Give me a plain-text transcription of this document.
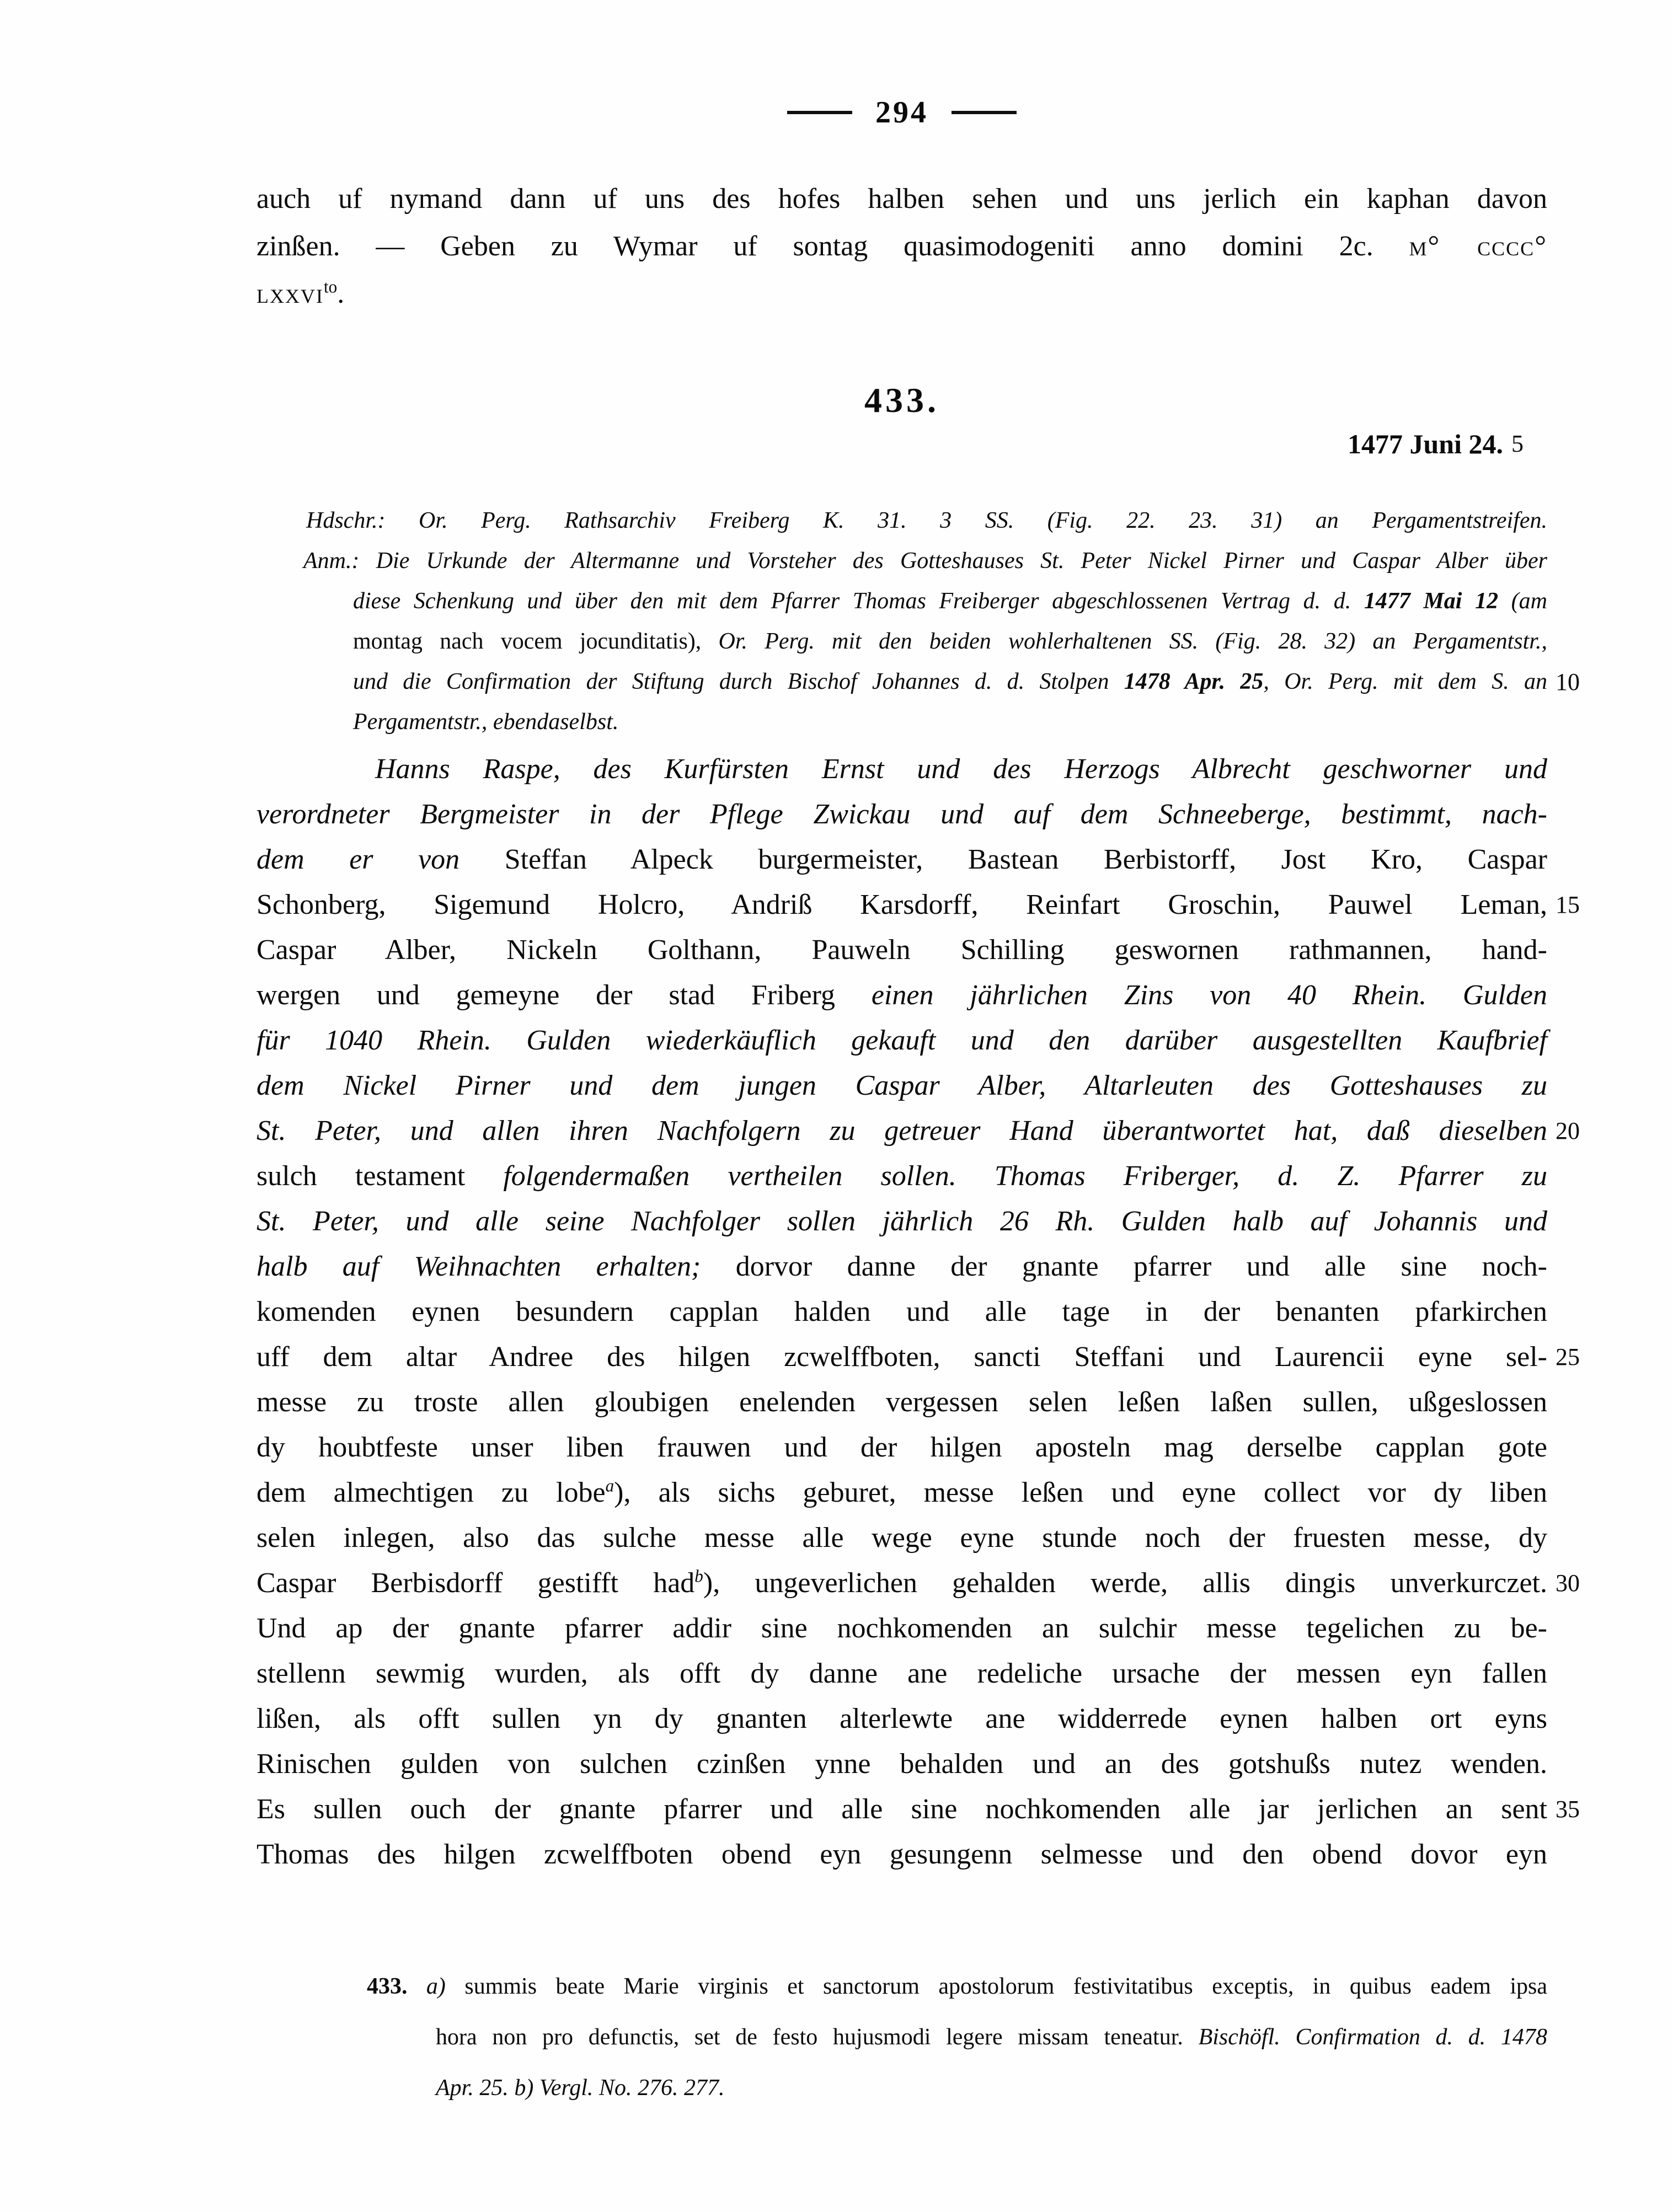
294
auch uf nymand dann uf uns des hofes halben sehen und uns jerlich ein kaphan davon
zinßen. — Geben zu Wymar uf sontag quasimodogeniti anno domini 2c. m° cccc°
lxxvi$^{to}$.
433.
1477 Juni 24. 5
Hdschr.: Or. Perg. Rathsarchiv Freiberg K. 31. 3 SS. (Fig. 22. 23. 31) an Pergamentstreifen.
Anm.: Die Urkunde der Altermanne und Vorsteher des Gotteshauses St. Peter Nickel Pirner und Caspar Alber über
diese Schenkung und über den mit dem Pfarrer Thomas Freiberger abgeschlossenen Vertrag d. d. 1477 Mai 12 (am
montag nach vocem jocunditatis), Or. Perg. mit den beiden wohlerhaltenen SS. (Fig. 28. 32) an Pergamentstr.,
und die Confirmation der Stiftung durch Bischof Johannes d. d. Stolpen 1478 Apr. 25, Or. Perg. mit dem S. an 10
Pergamentstr., ebendaselbst.
Hanns Raspe, des Kurfürsten Ernst und des Herzogs Albrecht geschworner und
verordneter Bergmeister in der Pflege Zwickau und auf dem Schneeberge, bestimmt, nach-
dem er von Steffan Alpeck burgermeister, Bastean Berbistorff, Jost Kro, Caspar
Schonberg, Sigemund Holcro, Andriß Karsdorff, Reinfart Groschin, Pauwel Leman, 15
Caspar Alber, Nickeln Golthann, Pauweln Schilling geswornen rathmannen, hand-
wergen und gemeyne der stad Friberg einen jährlichen Zins von 40 Rhein. Gulden
für 1040 Rhein. Gulden wiederkäuflich gekauft und den darüber ausgestellten Kaufbrief
dem Nickel Pirner und dem jungen Caspar Alber, Altarleuten des Gotteshauses zu
St. Peter, und allen ihren Nachfolgern zu getreuer Hand überantwortet hat, daß dieselben 20
sulch testament folgendermaßen vertheilen sollen. Thomas Friberger, d. Z. Pfarrer zu
St. Peter, und alle seine Nachfolger sollen jährlich 26 Rh. Gulden halb auf Johannis und
halb auf Weihnachten erhalten; dorvor danne der gnante pfarrer und alle sine noch-
komenden eynen besundern capplan halden und alle tage in der benanten pfarkirchen
uff dem altar Andree des hilgen zcwelffboten, sancti Steffani und Laurencii eyne sel- 25
messe zu troste allen gloubigen enelenden vergessen selen leßen laßen sullen, ußgeslossen
dy houbtfeste unser liben frauwen und der hilgen aposteln mag derselbe capplan gote
dem almechtigen zu lobe$^a$), als sichs geburet, messe leßen und eyne collect vor dy liben
selen inlegen, also das sulche messe alle wege eyne stunde noch der fruesten messe, dy
Caspar Berbisdorff gestifft had$^b$), ungeverlichen gehalden werde, allis dingis unverkurczet. 30
Und ap der gnante pfarrer addir sine nochkomenden an sulchir messe tegelichen zu be-
stellenn sewmig wurden, als offt dy danne ane redeliche ursache der messen eyn fallen
lißen, als offt sullen yn dy gnanten alterlewte ane widderrede eynen halben ort eyns
Rinischen gulden von sulchen czinßen ynne behalden und an des gotshußs nutez wenden.
Es sullen ouch der gnante pfarrer und alle sine nochkomenden alle jar jerlichen an sent 35
Thomas des hilgen zcwelffboten obend eyn gesungenn selmesse und den obend dovor eyn
433. a) summis beate Marie virginis et sanctorum apostolorum festivitatibus exceptis, in quibus eadem ipsa
hora non pro defunctis, set de festo hujusmodi legere missam teneatur. Bischöfl. Confirmation d. d. 1478
Apr. 25. b) Vergl. No. 276. 277.
